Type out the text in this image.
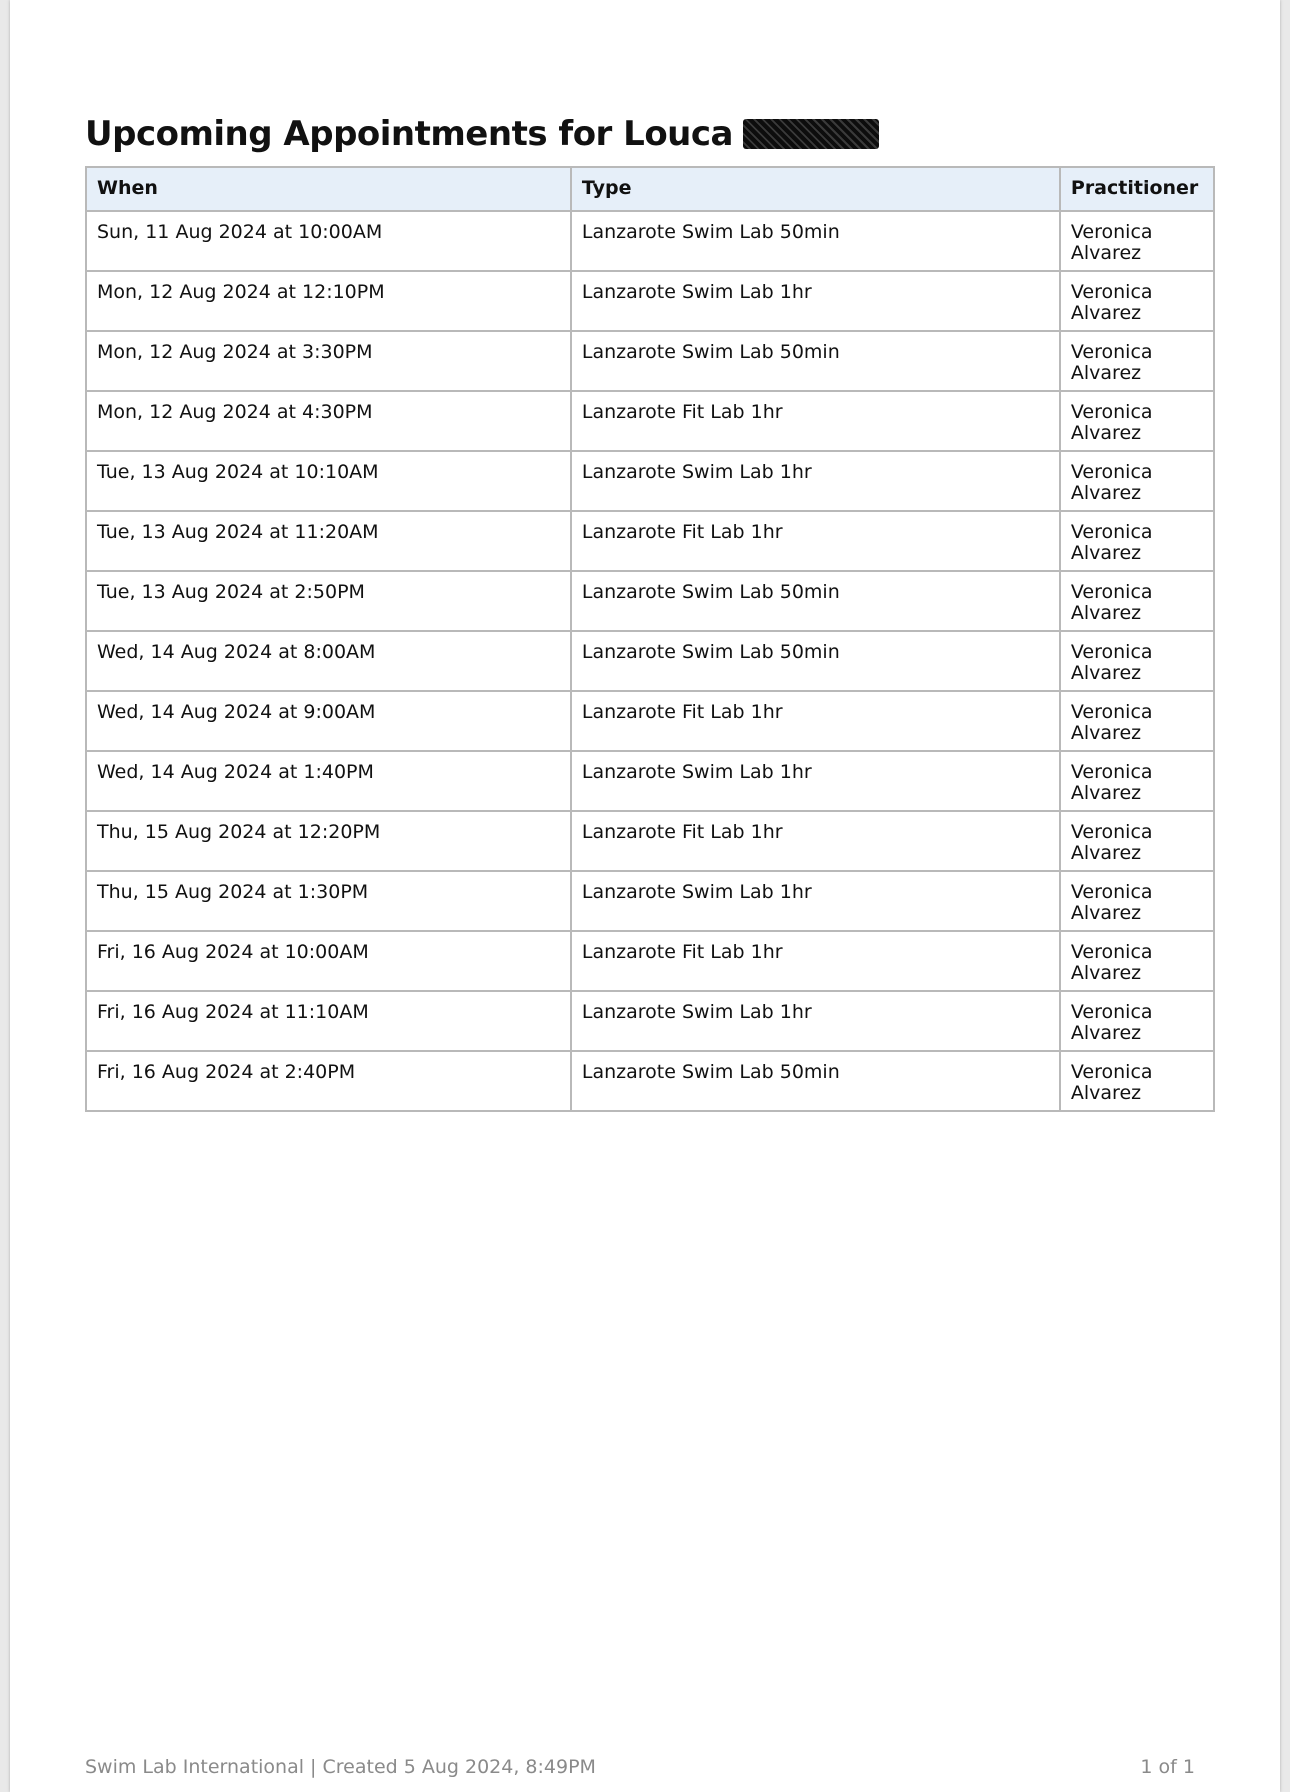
Upcoming Appointments for Louca
When	Type	Practitioner
Sun, 11 Aug 2024 at 10:00AM	Lanzarote Swim Lab 50min	Veronica Alvarez
Mon, 12 Aug 2024 at 12:10PM	Lanzarote Swim Lab 1hr	Veronica Alvarez
Mon, 12 Aug 2024 at 3:30PM	Lanzarote Swim Lab 50min	Veronica Alvarez
Mon, 12 Aug 2024 at 4:30PM	Lanzarote Fit Lab 1hr	Veronica Alvarez
Tue, 13 Aug 2024 at 10:10AM	Lanzarote Swim Lab 1hr	Veronica Alvarez
Tue, 13 Aug 2024 at 11:20AM	Lanzarote Fit Lab 1hr	Veronica Alvarez
Tue, 13 Aug 2024 at 2:50PM	Lanzarote Swim Lab 50min	Veronica Alvarez
Wed, 14 Aug 2024 at 8:00AM	Lanzarote Swim Lab 50min	Veronica Alvarez
Wed, 14 Aug 2024 at 9:00AM	Lanzarote Fit Lab 1hr	Veronica Alvarez
Wed, 14 Aug 2024 at 1:40PM	Lanzarote Swim Lab 1hr	Veronica Alvarez
Thu, 15 Aug 2024 at 12:20PM	Lanzarote Fit Lab 1hr	Veronica Alvarez
Thu, 15 Aug 2024 at 1:30PM	Lanzarote Swim Lab 1hr	Veronica Alvarez
Fri, 16 Aug 2024 at 10:00AM	Lanzarote Fit Lab 1hr	Veronica Alvarez
Fri, 16 Aug 2024 at 11:10AM	Lanzarote Swim Lab 1hr	Veronica Alvarez
Fri, 16 Aug 2024 at 2:40PM	Lanzarote Swim Lab 50min	Veronica Alvarez
Swim Lab International | Created 5 Aug 2024, 8:49PM	1 of 1
